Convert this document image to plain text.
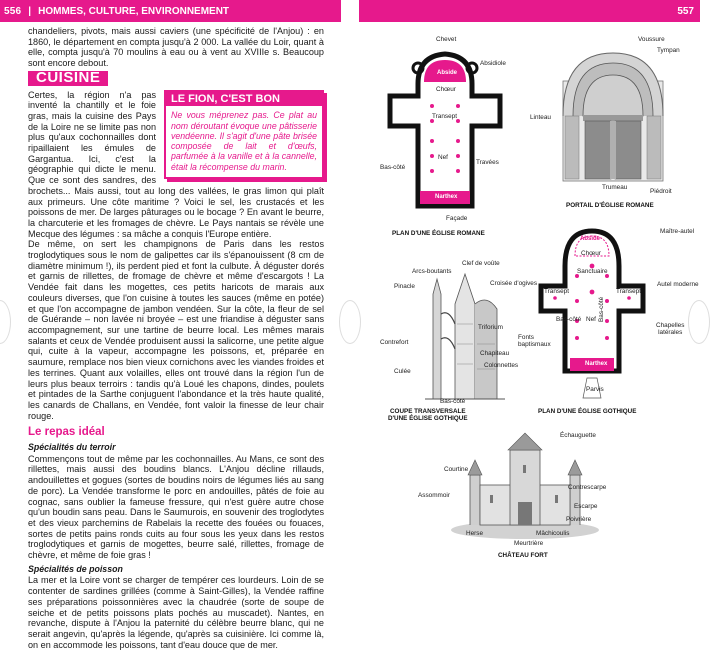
556 | HOMMES, CULTURE, ENVIRONNEMENT	557

chandeliers, pivots, mais aussi caviers (une spécificité de l'Anjou) : en 1860, le département en compta jusqu'à 2 000. La vallée du Loir, quant à elle, compta jusqu'à 70 moulins à eau ou à vent au XVIIIe s. Beaucoup sont encore debout.

CUISINE
LE FION, C'EST BON
Ne vous méprenez pas. Ce plat au nom déroutant évoque une pâtisserie vendéenne. Il s'agit d'une pâte brisée composée de lait et d'œufs, parfumée à la vanille et à la cannelle, était la récompense du marin.

Certes, la région n'a pas inventé la chantilly et le foie gras, mais la cuisine des Pays de la Loire ne se limite pas non plus qu'aux cochonnailles dont ripaillaient les émules de Gargantua. Ici, c'est la géographie qui dicte le menu. Que ce sont des sandres, des brochets... Mais aussi, tout au long des vallées, le gras limon qui plaît aux primeurs. Une côte maritime ? Voici le sel, les crustacés et les poissons de mer. De larges pâturages ou le bocage ? En avant le beurre, la charcuterie et les fromages de chèvre. Le Pays nantais se révèle une Mecque des légumes : sa mâche a conquis l'Europe entière.

De même, on sert les champignons de Paris dans les restos troglodytiques sous le nom de galipettes car ils s'épanouissent (8 cm de diamètre minimum !), ils perdent pied et font la culbute. À déguster dorés et garnis de rillettes, de fromage de chèvre et même d'escargots ! La Vendée fait dans les mogettes, ces petits haricots de marais aux couleurs diverses, que l'on cuisine à toutes les sauces (même en potée) et que l'on accompagne de jambon vendéen. Sur la côte, la fleur de sel de Guérande – non lavée ni broyée – est une friandise à déguster sans accompagnement, sur une tartine de beurre local. Les mêmes marais salants et ceux de Vendée produisent aussi la salicorne, une petite algue qui, cuite à la vapeur, accompagne les poissons, et, préparée en saumure, remplace nos bien vieux cornichons avec les viandes froides et les terrines. Quant aux volailles, elles ont trouvé dans la région l'un de leurs plus beaux terroirs : tandis qu'à Loué les chapons, dindes, poulets et pintades de la Sarthe conjuguent l'abondance et la très haute qualité, les canards de Challans, en Vendée, font valoir la finesse de leur chair rouge.

Le repas idéal
Spécialités du terroir

Commençons tout de même par les cochonnailles. Au Mans, ce sont des rillettes, mais aussi des boudins blancs. L'Anjou décline rillauds, andouillettes et gogues (sortes de boudins noirs de légumes liés au sang de porc). La Vendée transforme le porc en andouilles, pâtés de foie au cognac, sans oublier la fameuse fressure, qui n'est guère autre chose qu'un boudin sans peau. Dans le Saumurois, en souvenir des troglodytes et des vieux parchemins de Rabelais la recette des fouées ou fouaces, sortes de petits pains ronds cuits au four sous les yeux dans les restos troglodytiques et garnis de mogettes, beurre salé, rillettes, fromage de chèvre, et même de foie gras !

Spécialités de poisson

La mer et la Loire vont se charger de tempérer ces lourdeurs. Loin de se contenter de sardines grillées (comme à Saint-Gilles), la Vendée raffine ses préparations poissonnières avec la chaudrée (sorte de soupe de seiche et de petits poissons plats pochés au muscadet). Nantes, en revanche, dispute à l'Anjou la paternité du célèbre beurre blanc, qui ne serait angevin, qu'après la légende, qu'après sa cuisinière. Ici comme là, on en accommode les poissons, tant d'eau douce que de mer.

Chevet
Absidiole
Abside
Chœur
Transept
Bas-côté
Nef
Travées
Narthex
Façade
PLAN D'UNE ÉGLISE ROMANE
Voussure
Tympan
Linteau
Trumeau
Piédroit
PORTAIL D'ÉGLISE ROMANE
Arcs-boutants
Clef de voûte
Pinacle	Croisée d'ogives
Triforium
Contrefort
Chapiteau
Colonnettes
Culée
Bas-côté
COUPE TRANSVERSALE
D'UNE ÉGLISE GOTHIQUE
Abside
Chœur
Sanctuaire
Maître-autel
Autel moderne
Transept	Transept
Nef
Bas-côté	Bas-côté
Fonts
baptismaux
Chapelles
latérales
Narthex
Parvis
PLAN D'UNE ÉGLISE GOTHIQUE
Échauguette
Courtine
Contrescarpe
Assommoir
Escarpe
Poivrière
Herse	Mâchicoulis
Meurtrière
CHÂTEAU FORT
